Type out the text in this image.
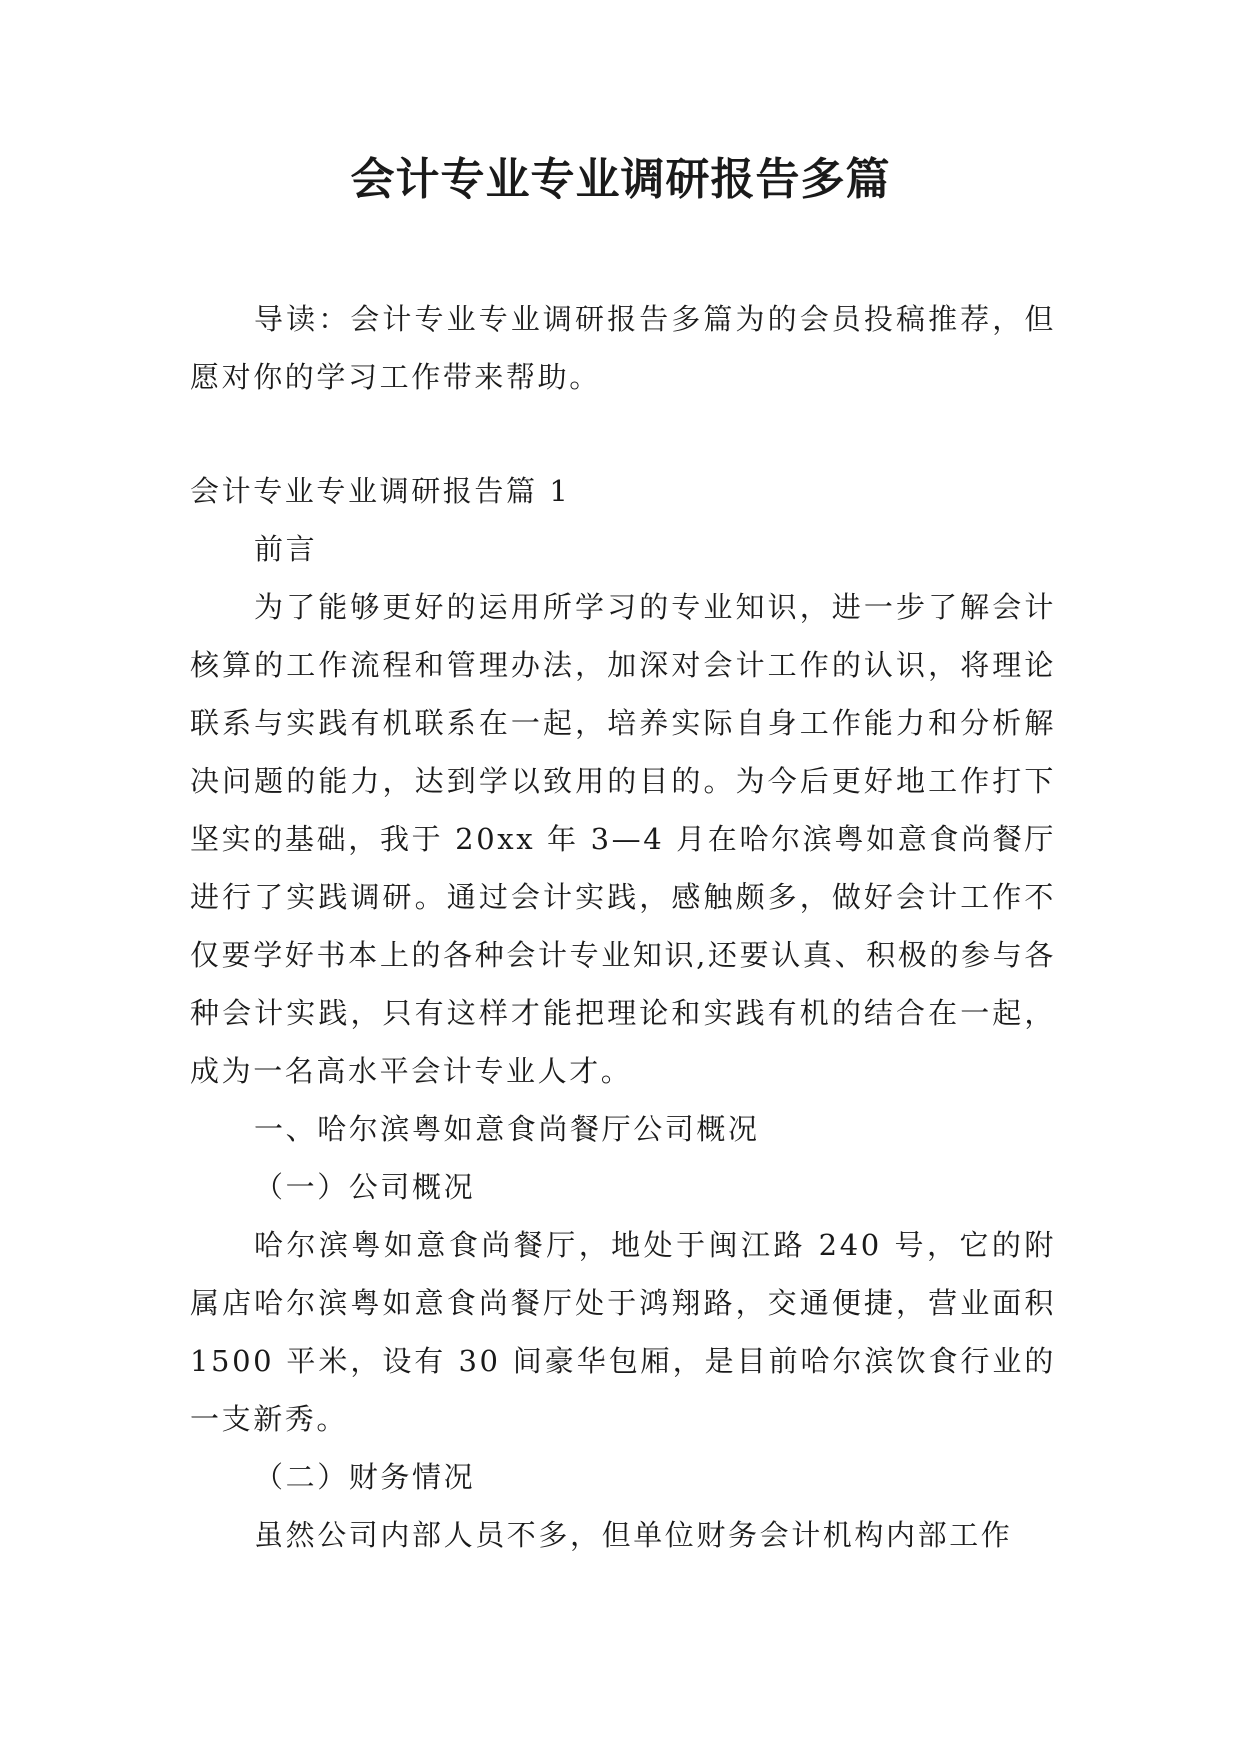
会计专业专业调研报告多篇

导读：会计专业专业调研报告多篇为的会员投稿推荐，但愿对你的学习工作带来帮助。

会计专业专业调研报告篇 1

前言

为了能够更好的运用所学习的专业知识，进一步了解会计核算的工作流程和管理办法，加深对会计工作的认识，将理论联系与实践有机联系在一起，培养实际自身工作能力和分析解决问题的能力，达到学以致用的目的。为今后更好地工作打下坚实的基础，我于 20xx 年 3—4 月在哈尔滨粤如意食尚餐厅进行了实践调研。通过会计实践，感触颇多，做好会计工作不仅要学好书本上的各种会计专业知识,还要认真、积极的参与各种会计实践，只有这样才能把理论和实践有机的结合在一起，成为一名高水平会计专业人才。

一、哈尔滨粤如意食尚餐厅公司概况

（一）公司概况

哈尔滨粤如意食尚餐厅，地处于闽江路 240 号，它的附属店哈尔滨粤如意食尚餐厅处于鸿翔路，交通便捷，营业面积 1500 平米，设有 30 间豪华包厢，是目前哈尔滨饮食行业的一支新秀。

（二）财务情况

虽然公司内部人员不多，但单位财务会计机构内部工作
